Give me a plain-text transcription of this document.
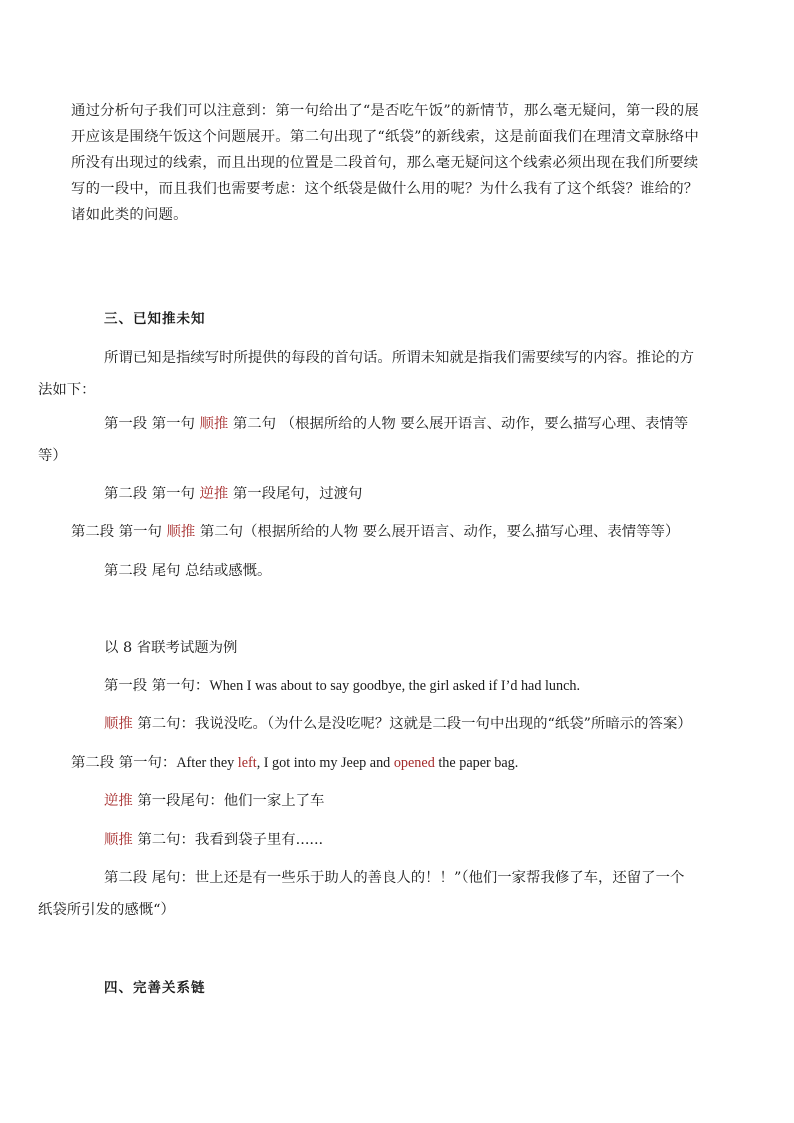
通过分析句子我们可以注意到：第一句给出了“是否吃午饭”的新情节，那么毫无疑问，第一段的展
开应该是围绕午饭这个问题展开。第二句出现了“纸袋”的新线索，这是前面我们在理清文章脉络中
所没有出现过的线索，而且出现的位置是二段首句，那么毫无疑问这个线索必须出现在我们所要续
写的一段中，而且我们也需要考虑：这个纸袋是做什么用的呢？为什么我有了这个纸袋？谁给的？
诸如此类的问题。
三、已知推未知
所谓已知是指续写时所提供的每段的首句话。所谓未知就是指我们需要续写的内容。推论的方
法如下：
第一段 第一句 顺推 第二句 （根据所给的人物 要么展开语言、动作，要么描写心理、表情等
等）
第二段 第一句 逆推 第一段尾句，过渡句
第二段 第一句 顺推 第二句（根据所给的人物 要么展开语言、动作，要么描写心理、表情等等）
第二段 尾句 总结或感慨。
以 8 省联考试题为例
第一段 第一句：When I was about to say goodbye, the girl asked if I’d had lunch.
顺推 第二句：我说没吃。（为什么是没吃呢？这就是二段一句中出现的“纸袋”所暗示的答案）
第二段 第一句：After they left, I got into my Jeep and opened the paper bag.
逆推 第一段尾句：他们一家上了车
顺推 第二句：我看到袋子里有......
第二段 尾句：世上还是有一些乐于助人的善良人的！！”（他们一家帮我修了车，还留了一个
纸袋所引发的感慨“）
四、完善关系链
